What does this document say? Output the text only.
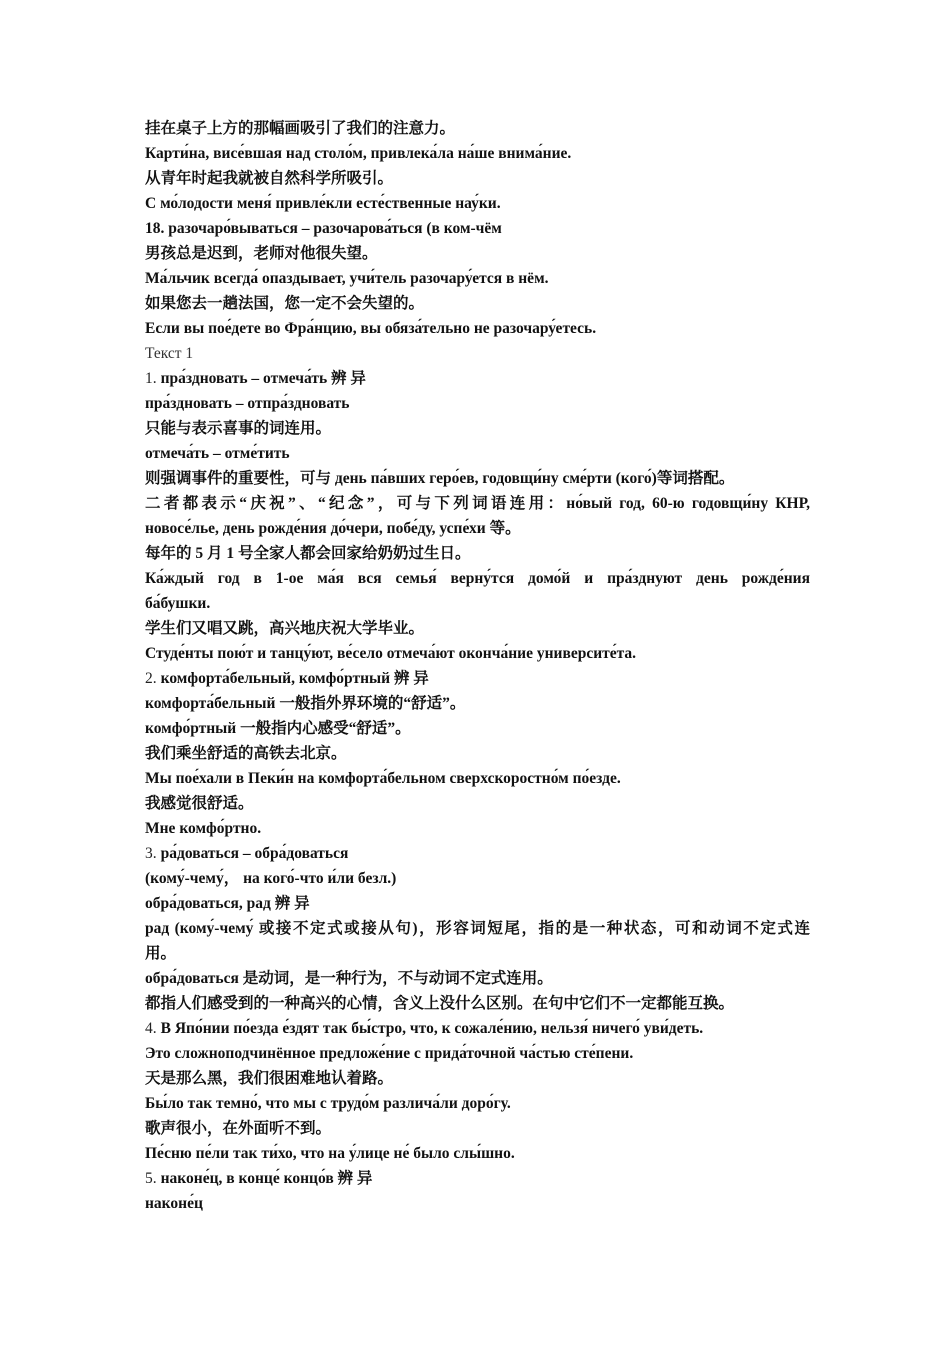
挂在桌子上方的那幅画吸引了我们的注意力。
Карти́на, висе́вшая над столо́м, привлека́ла на́ше внима́ние.
从青年时起我就被自然科学所吸引。
С мо́лодости меня́ привле́кли есте́ственные нау́ки.
18. разочаро́вываться – разочарова́ться (в ком-чём
男孩总是迟到，老师对他很失望。
Ма́льчик всегда́ опаздывает, учи́тель разочару́ется в нём.
如果您去一趟法国，您一定不会失望的。
Если вы пое́дете во Фра́нцию, вы обяза́тельно не разочару́етесь.
Текст 1
1. пра́здновать – отмеча́ть 辨 异
пра́здновать – отпра́здновать
只能与表示喜事的词连用。
отмеча́ть – отме́тить
则强调事件的重要性，可与 день па́вших геро́ев, годовщи́ну сме́рти (кого́)等词搭配。
二者都表示“庆祝”、“纪念”，可与下列词语连用：но́вый год, 60-ю годовщи́ну КНР,
новосе́лье, день рожде́ния до́чери, побе́ду, успе́хи 等。
每年的 5 月 1 号全家人都会回家给奶奶过生日。
Ка́ждый год в 1-ое ма́я вся семья́ верну́тся домо́й и пра́зднуют день рожде́ния
ба́бушки.
学生们又唱又跳，高兴地庆祝大学毕业。
Студе́нты пою́т и танцу́ют, ве́село отмеча́ют оконча́ние университе́та.
2. комфорта́бельный, комфо́ртный 辨 异
комфорта́бельный 一般指外界环境的“舒适”。
комфо́ртный 一般指内心感受“舒适”。
我们乘坐舒适的高铁去北京。
Мы пое́хали в Пеки́н на комфорта́бельном сверхскоростно́м по́езде.
我感觉很舒适。
Мне комфо́ртно.
3. ра́доваться – обра́доваться
(кому́-чему́， на кого́-что и́ли безл.)
обра́доваться, рад 辨 异
рад (кому́-чему́ 或接不定式或接从句)，形容词短尾，指的是一种状态，可和动词不定式连
用。
обра́доваться 是动词，是一种行为，不与动词不定式连用。
都指人们感受到的一种高兴的心情，含义上没什么区别。在句中它们不一定都能互换。
4. В Япо́нии по́езда е́здят так бы́стро, что, к сожале́нию, нельзя́ ничего́ уви́деть.
Это сложноподчинённое предложе́ние с прида́точной ча́стью сте́пени.
天是那么黑，我们很困难地认着路。
Бы́ло так темно́, что мы с трудо́м различа́ли доро́гу.
歌声很小，在外面听不到。
Пе́сню пе́ли так ти́хо, что на у́лице не́ было слы́шно.
5. наконе́ц, в конце́ концо́в 辨 异
наконе́ц
